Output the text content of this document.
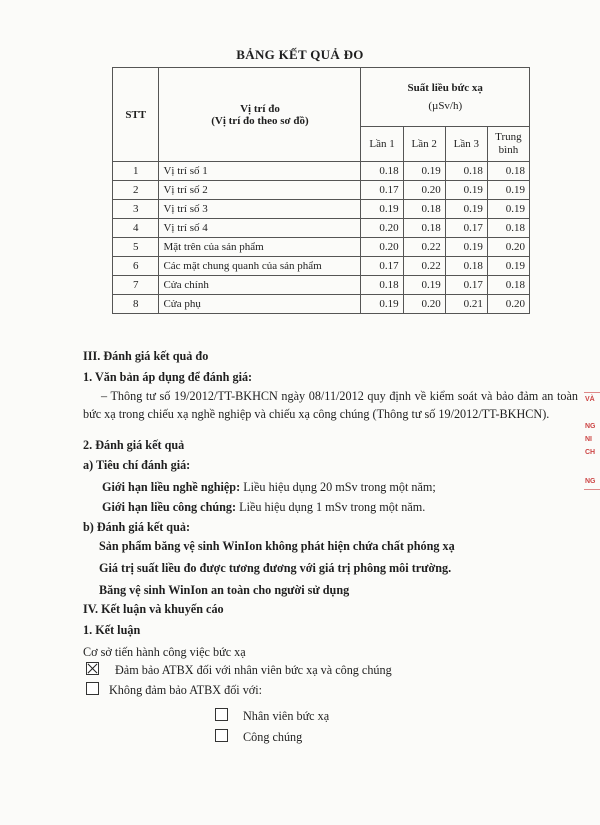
BẢNG KẾT QUẢ ĐO
STT	Vị trí đo
(Vị trí đo theo sơ đồ)	Suất liều bức xạ
(µSv/h)			
		Lần 1	Lần 2	Lần 3	Trung
bình
1	Vị trí số 1	0.18	0.19	0.18	0.18
2	Vị trí số 2	0.17	0.20	0.19	0.19
3	Vị trí số 3	0.19	0.18	0.19	0.19
4	Vị trí số 4	0.20	0.18	0.17	0.18
5	Mặt trên của sản phẩm	0.20	0.22	0.19	0.20
6	Các mặt chung quanh của sản phẩm	0.17	0.22	0.18	0.19
7	Cửa chính	0.18	0.19	0.17	0.18
8	Cửa phụ	0.19	0.20	0.21	0.20
III. Đánh giá kết quả đo
1. Văn bản áp dụng để đánh giá:
– Thông tư số 19/2012/TT-BKHCN ngày 08/11/2012 quy định về kiểm soát và bảo đảm an toàn bức xạ trong chiếu xạ nghề nghiệp và chiếu xạ công chúng (Thông tư số 19/2012/TT-BKHCN).
2. Đánh giá kết quả
a) Tiêu chí đánh giá:
Giới hạn liều nghề nghiệp: Liều hiệu dụng 20 mSv trong một năm;
Giới hạn liều công chúng: Liều hiệu dụng 1 mSv trong một năm.
b) Đánh giá kết quả:
Sản phẩm băng vệ sinh WinIon không phát hiện chứa chất phóng xạ
Giá trị suất liều đo được tương đương với giá trị phông môi trường.
Băng vệ sinh WinIon an toàn cho người sử dụng
IV. Kết luận và khuyến cáo
1. Kết luận
Cơ sở tiến hành công việc bức xạ
Đảm bảo ATBX đối với nhân viên bức xạ và công chúng
Không đảm bảo ATBX đối với:
Nhân viên bức xạ
Công chúng
VÀ
NG
NI
CH
NG
